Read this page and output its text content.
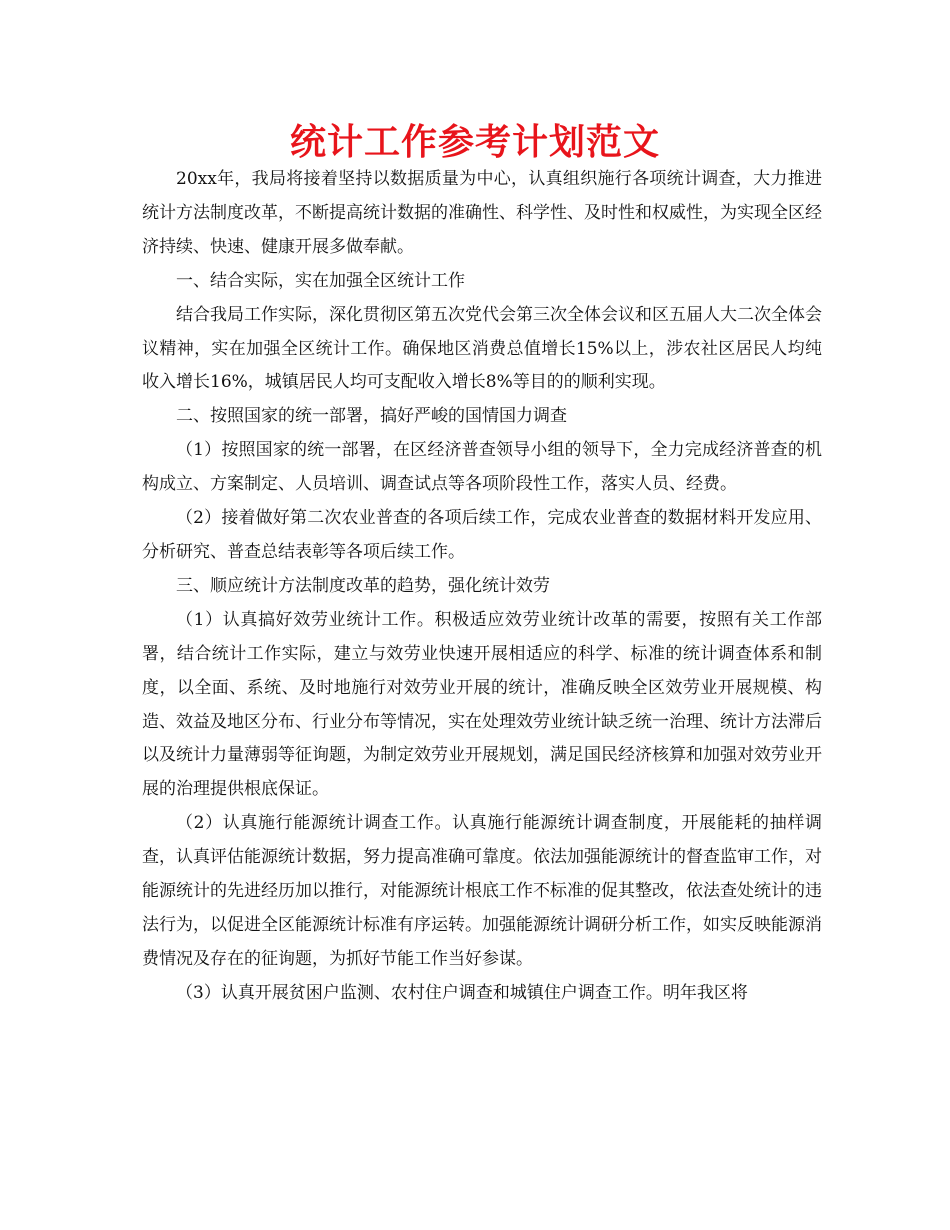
统计工作参考计划范文

20xx年，我局将接着坚持以数据质量为中心，认真组织施行各项统计调查，大力推进统计方法制度改革，不断提高统计数据的准确性、科学性、及时性和权威性，为实现全区经济持续、快速、健康开展多做奉献。

一、结合实际，实在加强全区统计工作

结合我局工作实际，深化贯彻区第五次党代会第三次全体会议和区五届人大二次全体会议精神，实在加强全区统计工作。确保地区消费总值增长15%以上，涉农社区居民人均纯收入增长16%，城镇居民人均可支配收入增长8%等目的的顺利实现。

二、按照国家的统一部署，搞好严峻的国情国力调查

（1）按照国家的统一部署，在区经济普查领导小组的领导下，全力完成经济普查的机构成立、方案制定、人员培训、调查试点等各项阶段性工作，落实人员、经费。

（2）接着做好第二次农业普查的各项后续工作，完成农业普查的数据材料开发应用、分析研究、普查总结表彰等各项后续工作。

三、顺应统计方法制度改革的趋势，强化统计效劳

（1）认真搞好效劳业统计工作。积极适应效劳业统计改革的需要，按照有关工作部署，结合统计工作实际，建立与效劳业快速开展相适应的科学、标准的统计调查体系和制度，以全面、系统、及时地施行对效劳业开展的统计，准确反映全区效劳业开展规模、构造、效益及地区分布、行业分布等情况，实在处理效劳业统计缺乏统一治理、统计方法滞后以及统计力量薄弱等征询题，为制定效劳业开展规划，满足国民经济核算和加强对效劳业开展的治理提供根底保证。

（2）认真施行能源统计调查工作。认真施行能源统计调查制度，开展能耗的抽样调查，认真评估能源统计数据，努力提高准确可靠度。依法加强能源统计的督查监审工作，对能源统计的先进经历加以推行，对能源统计根底工作不标准的促其整改，依法查处统计的违法行为，以促进全区能源统计标准有序运转。加强能源统计调研分析工作，如实反映能源消费情况及存在的征询题，为抓好节能工作当好参谋。

（3）认真开展贫困户监测、农村住户调查和城镇住户调查工作。明年我区将
